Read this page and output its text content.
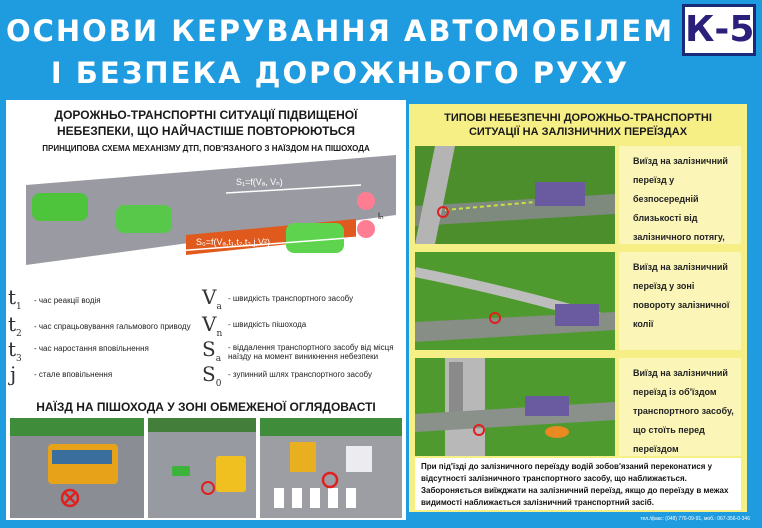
ОСНОВИ КЕРУВАННЯ АВТОМОБІЛЕМ
І БЕЗПЕКА ДОРОЖНЬОГО РУХУ
К-5
ДОРОЖНЬО-ТРАНСПОРТНІ СИТУАЦІЇ ПІДВИЩЕНОЇ
НЕБЕЗПЕКИ, ЩО НАЙЧАСТІШЕ ПОВТОРЮЮТЬСЯ
ПРИНЦИПОВА СХЕМА МЕХАНІЗМУ ДТП, ПОВ'ЯЗАНОГО З НАЇЗДОМ НА ПІШОХОДА
S₁=f(Vₐ, Vₙ)
S₀=f(Vₐ,t₁,t₂,t₃,j,V²)
lₙ
$t_1$
- час реакції водія
$t_2$
- час спрацьовування гальмового приводу
$t_3$
- час наростання вповільнення
j - стале вповільнення
$V_a$
- швидкість транспортного засобу
$V_n$
- швидкість пішохода
$S_a$
- віддалення транспортного засобу від місця наїзду на момент виникнення небезпеки
$S_0$
- зупинний шлях транспортного засобу
НАЇЗД НА ПІШОХОДА У ЗОНІ ОБМЕЖЕНОЇ ОГЛЯДОВАСТІ
ТИПОВІ НЕБЕЗПЕЧНІ ДОРОЖНЬО-ТРАНСПОРТНІ
СИТУАЦІЇ НА ЗАЛІЗНИЧНИХ ПЕРЕЇЗДАХ
Виїзд на залізничний переїзд у безпосередній близькості від залізничного потягу,
Виїзд на залізничний переїзд у зоні повороту залізничної колії
Виїзд на залізничний переїзд із об'їздом транспортного засобу, що стоїть перед переїздом
При під'їзді до залізничного переїзду водій зобов'язаний переконатися у відсутності залізничного транспортного засобу, що наближається. Забороняється виїжджати на залізничний переїзд, якщо до переїзду в межах видимості наближається залізничний транспортний засіб.
тел./факс: (048) 776-09-91, моб.: 067-356-0-346
